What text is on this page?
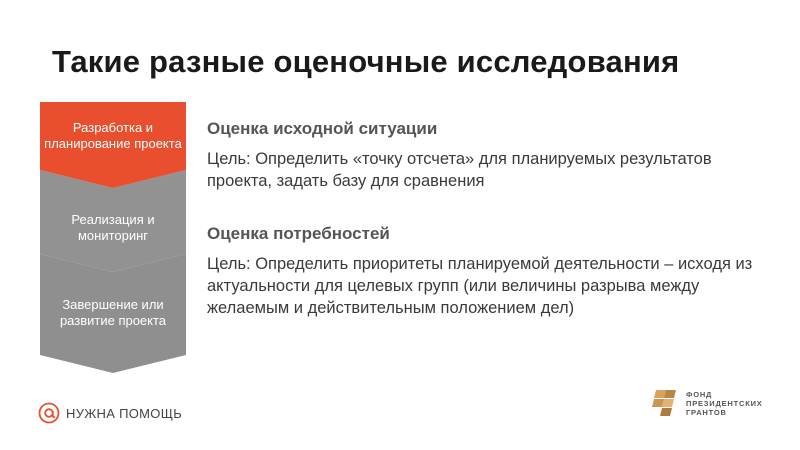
Такие разные оценочные исследования
Разработка и планирование проекта
Реализация и мониторинг
Завершение или развитие проекта
Оценка исходной ситуации
Цель: Определить «точку отсчета» для планируемых результатов проекта, задать базу для сравнения
Оценка потребностей
Цель: Определить приоритеты планируемой деятельности – исходя из актуальности для целевых групп (или величины разрыва между желаемым и действительным положением дел)
НУЖНА ПОМОЩЬ
ФОНД
ПРЕЗИДЕНТСКИХ
ГРАНТОВ
